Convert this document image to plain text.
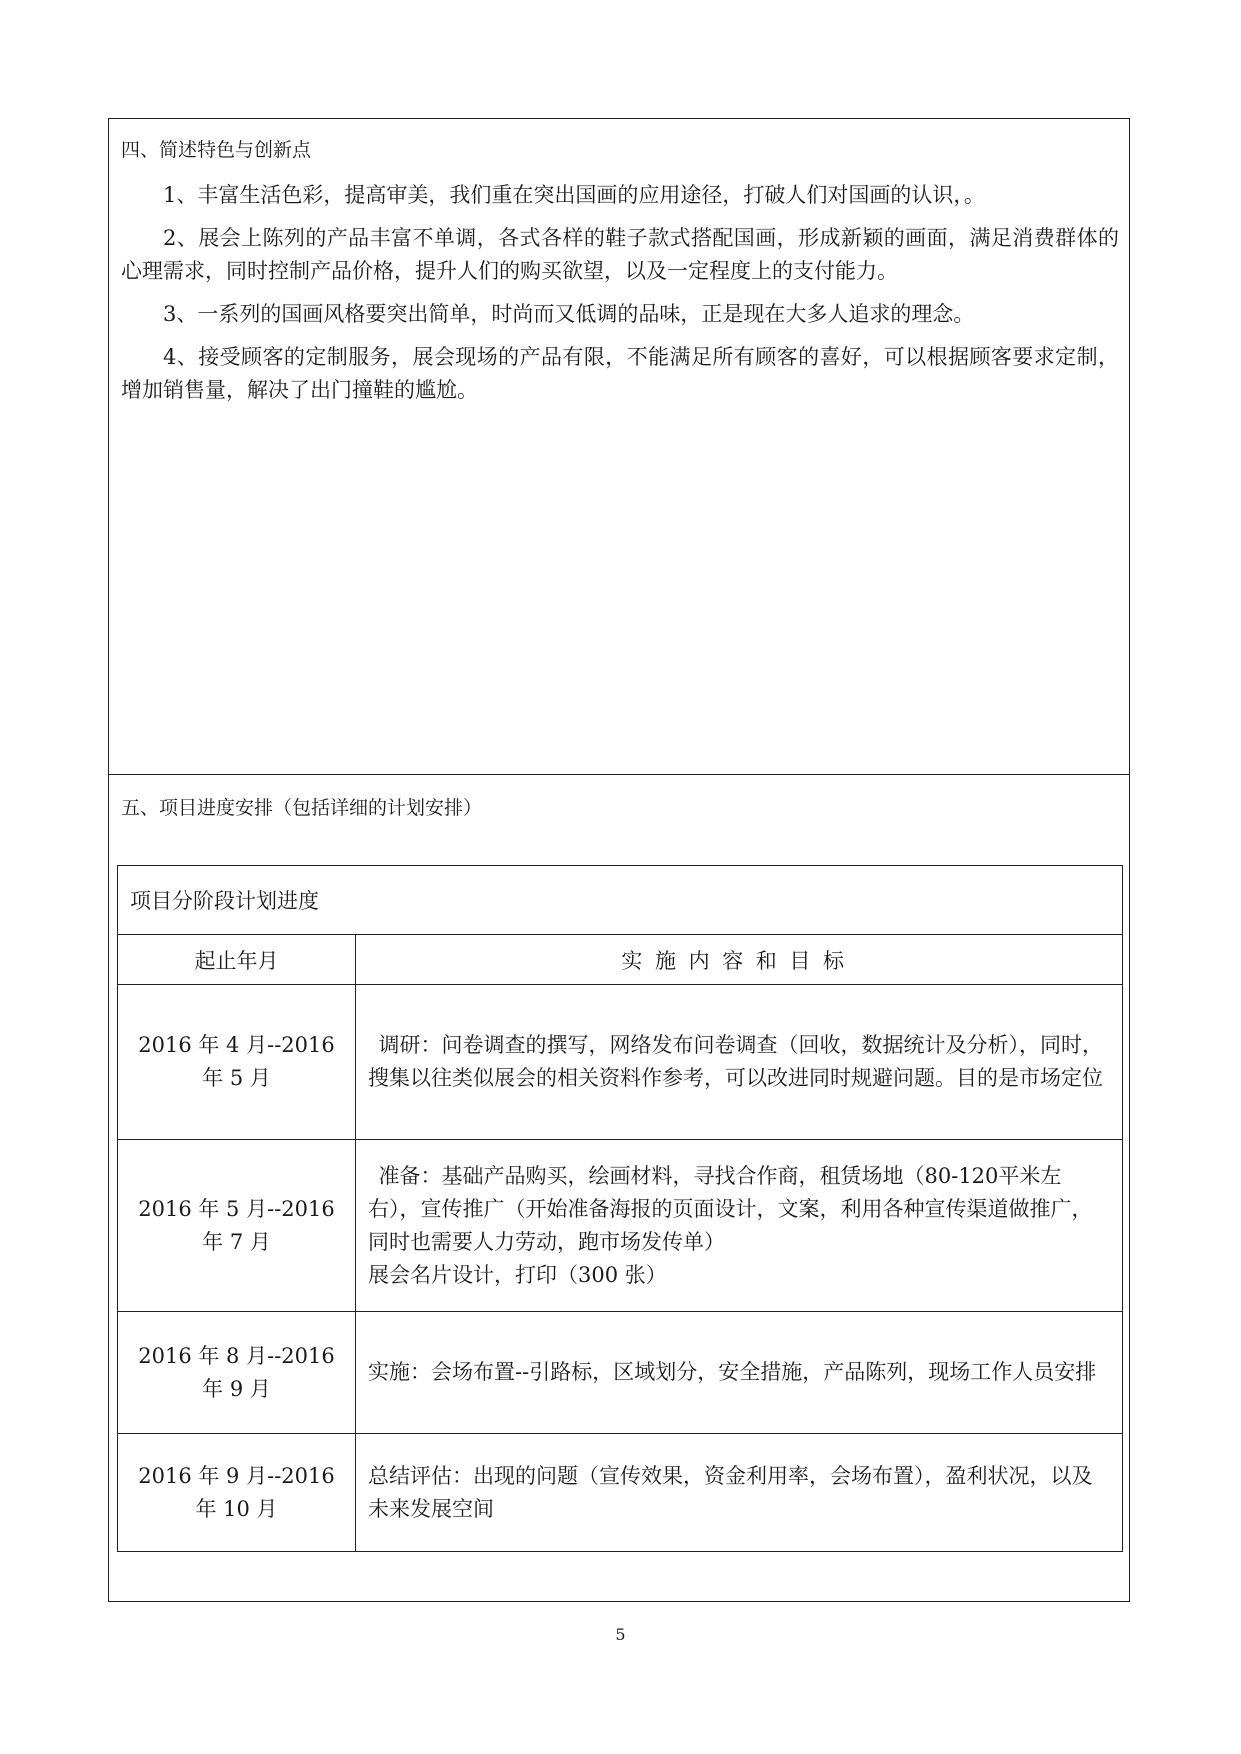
四、简述特色与创新点

1、丰富生活色彩，提高审美，我们重在突出国画的应用途径，打破人们对国画的认识，。

2、展会上陈列的产品丰富不单调，各式各样的鞋子款式搭配国画，形成新颖的画面，满足消费群体的心理需求，同时控制产品价格，提升人们的购买欲望，以及一定程度上的支付能力。

3、一系列的国画风格要突出简单，时尚而又低调的品味，正是现在大多人追求的理念。

4、接受顾客的定制服务，展会现场的产品有限，不能满足所有顾客的喜好，可以根据顾客要求定制，增加销售量，解决了出门撞鞋的尴尬。

五、项目进度安排（包括详细的计划安排）
项目分阶段计划进度	
起止年月	实施内容和目标

2016 年 4 月--2016
年 5 月	调研：问卷调查的撰写，网络发布问卷调查（回收，数据统计及分析），同时，搜集以往类似展会的相关资料作参考，可以改进同时规避问题。目的是市场定位

2016 年 5 月--2016
年 7 月	准备：基础产品购买，绘画材料，寻找合作商，租赁场地（80-120平米左右），宣传推广（开始准备海报的页面设计，文案，利用各种宣传渠道做推广，同时也需要人力劳动，跑市场发传单）
展会名片设计，打印（300 张）

2016 年 8 月--2016
年 9 月	实施：会场布置--引路标，区域划分，安全措施，产品陈列，现场工作人员安排

2016 年 9 月--2016
年 10 月	总结评估：出现的问题（宣传效果，资金利用率，会场布置），盈利状况，以及未来发展空间
5
